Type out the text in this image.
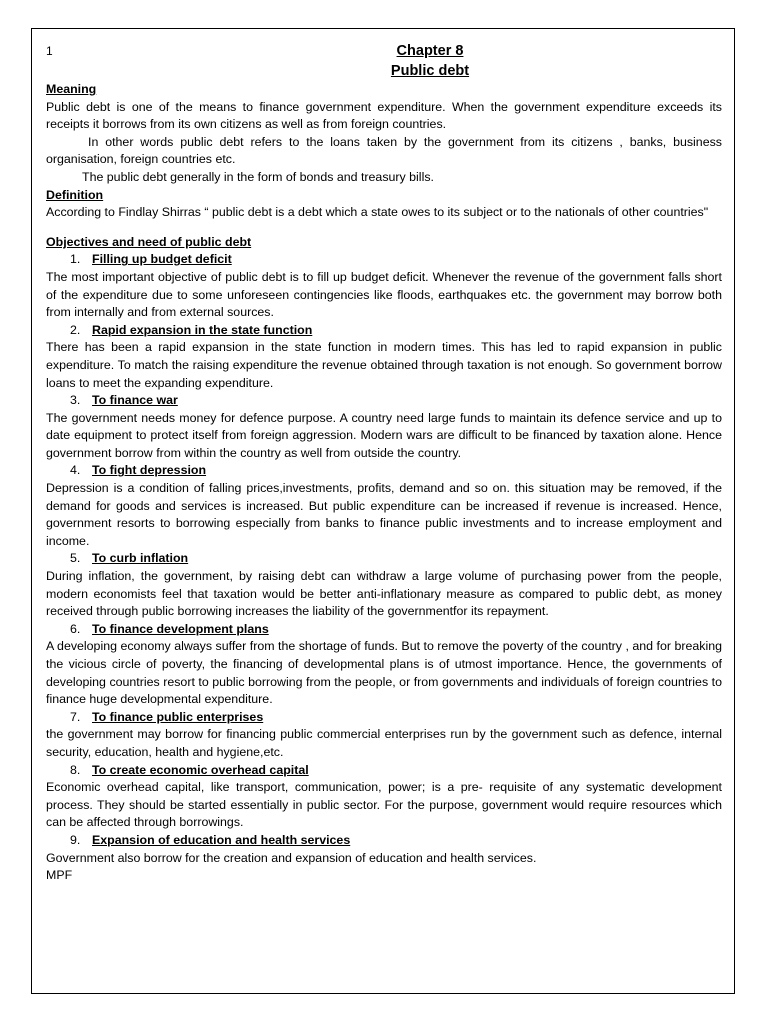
1	Chapter 8

Public debt

Meaning

Public debt is one of the means to finance government expenditure. When the government expenditure exceeds its receipts it borrows from its own citizens as well as from foreign countries.

In other words public debt refers to the loans taken by the government from its citizens , banks, business organisation, foreign countries etc.

The public debt generally in the form of bonds and treasury bills.

Definition

According to Findlay Shirras “ public debt is a debt which a state owes to its subject or to the nationals of other countries"

Objectives and need of public debt

1. Filling up budget deficit

The most important objective of public debt is to fill up budget deficit. Whenever the revenue of the government falls short of the expenditure due to some unforeseen contingencies like floods, earthquakes etc. the government may borrow both from internally and from external sources.

2. Rapid expansion in the state function

There has been a rapid expansion in the state function in modern times. This has led to rapid expansion in public expenditure. To match the raising expenditure the revenue obtained through taxation is not enough. So government borrow loans to meet the expanding expenditure.

3. To finance war

The government needs money for defence purpose. A country need large funds to maintain its defence service and up to date equipment to protect itself from foreign aggression. Modern wars are difficult to be financed by taxation alone. Hence government borrow from within the country as well from outside the country.

4. To fight depression

Depression is a condition of falling prices,investments, profits, demand and so on. this situation may be removed, if the demand for goods and services is increased. But public expenditure can be increased if revenue is increased. Hence, government resorts to borrowing especially from banks to finance public investments and to increase employment and income.

5. To curb inflation

During inflation, the government, by raising debt can withdraw a large volume of purchasing power from the people, modern economists feel that taxation would be better anti-inflationary measure as compared to public debt, as money received through public borrowing increases the liability of the governmentfor its repayment.

6. To finance development plans

A developing economy always suffer from the shortage of funds. But to remove the poverty of the country , and for breaking the vicious circle of poverty, the financing of developmental plans is of utmost importance. Hence, the governments of developing countries resort to public borrowing from the people, or from governments and individuals of foreign countries to finance huge developmental expenditure.

7. To finance public enterprises

the government may borrow for financing public commercial enterprises run by the government such as defence, internal security, education, health and hygiene,etc.

8. To create economic overhead capital

Economic overhead capital, like transport, communication, power; is a pre- requisite of any systematic development process. They should be started essentially in public sector. For the purpose, government would require resources which can be affected through borrowings.

9. Expansion of education and health services

Government also borrow for the creation and expansion of education and health services.

MPF
